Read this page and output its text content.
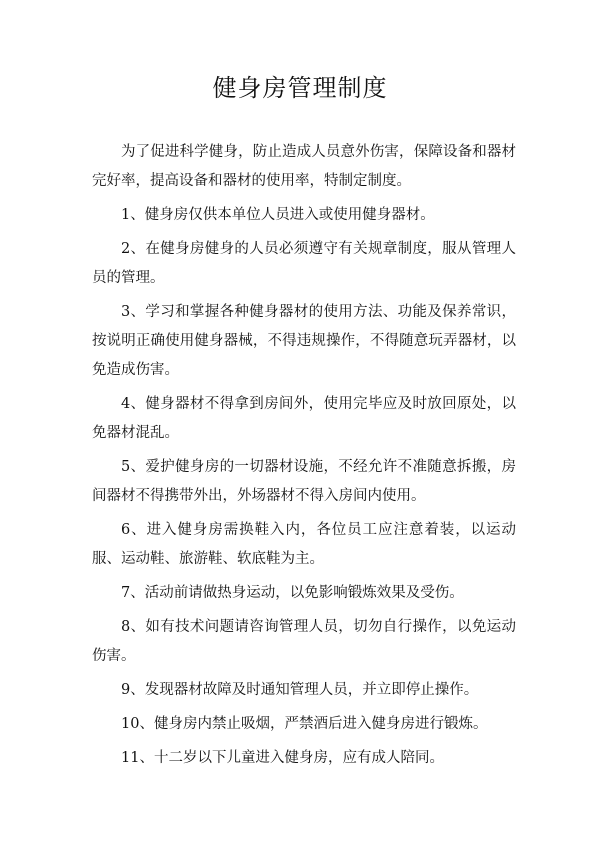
健身房管理制度

为了促进科学健身，防止造成人员意外伤害，保障设备和器材完好率，提高设备和器材的使用率，特制定制度。

1、健身房仅供本单位人员进入或使用健身器材。

2、在健身房健身的人员必须遵守有关规章制度，服从管理人员的管理。

3、学习和掌握各种健身器材的使用方法、功能及保养常识，按说明正确使用健身器械，不得违规操作，不得随意玩弄器材，以免造成伤害。

4、健身器材不得拿到房间外，使用完毕应及时放回原处，以免器材混乱。

5、爱护健身房的一切器材设施，不经允许不准随意拆搬，房间器材不得携带外出，外场器材不得入房间内使用。

6、进入健身房需换鞋入内，各位员工应注意着装，以运动服、运动鞋、旅游鞋、软底鞋为主。

7、活动前请做热身运动，以免影响锻炼效果及受伤。

8、如有技术问题请咨询管理人员，切勿自行操作，以免运动伤害。

9、发现器材故障及时通知管理人员，并立即停止操作。

10、健身房内禁止吸烟，严禁酒后进入健身房进行锻炼。

11、十二岁以下儿童进入健身房，应有成人陪同。
